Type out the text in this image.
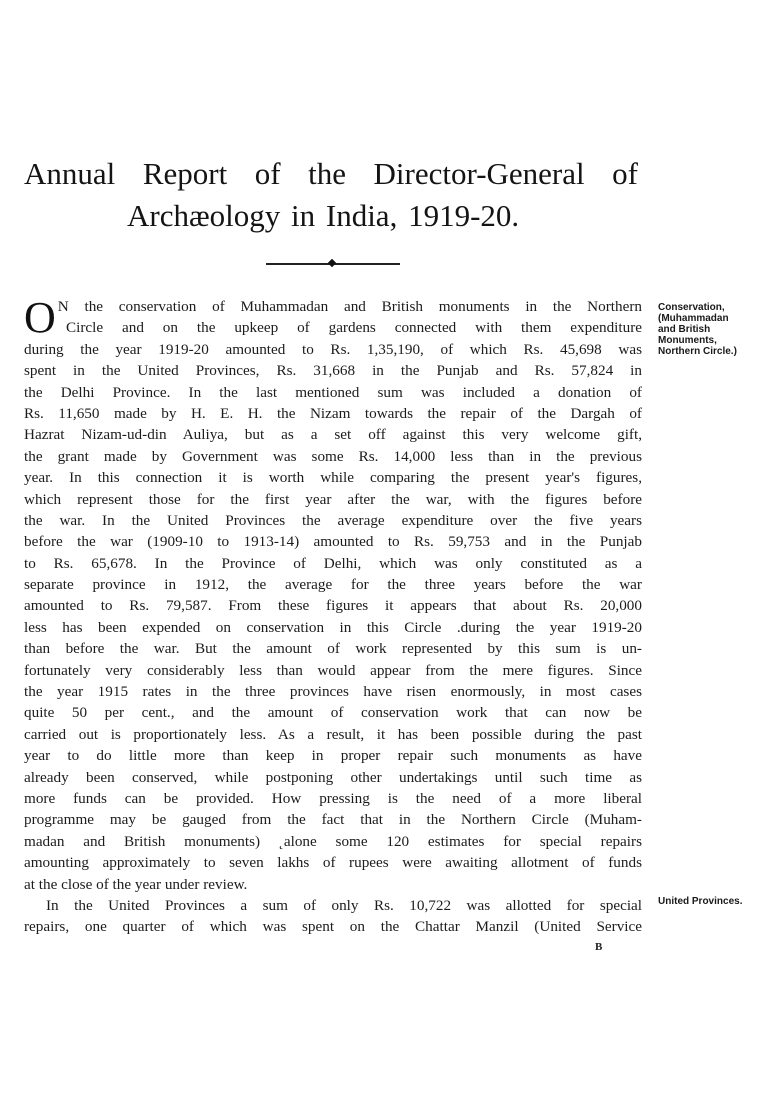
Annual Report of the Director-General of
Archæology in India, 1919-20.
O N the conservation of Muhammadan and British monuments in the Northern
Circle and on the upkeep of gardens connected with them expenditure
during the year 1919-20 amounted to Rs. 1,35,190, of which Rs. 45,698 was
spent in the United Provinces, Rs. 31,668 in the Punjab and Rs. 57,824 in
the Delhi Province. In the last mentioned sum was included a donation of
Rs. 11,650 made by H. E. H. the Nizam towards the repair of the Dargah of
Hazrat Nizam-ud-din Auliya, but as a set off against this very welcome gift,
the grant made by Government was some Rs. 14,000 less than in the previous
year. In this connection it is worth while comparing the present year's figures,
which represent those for the first year after the war, with the figures before
the war. In the United Provinces the average expenditure over the five years
before the war (1909-10 to 1913-14) amounted to Rs. 59,753 and in the Punjab
to Rs. 65,678. In the Province of Delhi, which was only constituted as a
separate province in 1912, the average for the three years before the war
amounted to Rs. 79,587. From these figures it appears that about Rs. 20,000
less has been expended on conservation in this Circle .during the year 1919-20
than before the war. But the amount of work represented by this sum is un-
fortunately very considerably less than would appear from the mere figures. Since
the year 1915 rates in the three provinces have risen enormously, in most cases
quite 50 per cent., and the amount of conservation work that can now be
carried out is proportionately less. As a result, it has been possible during the past
year to do little more than keep in proper repair such monuments as have
already been conserved, while postponing other undertakings until such time as
more funds can be provided. How pressing is the need of a more liberal
programme may be gauged from the fact that in the Northern Circle (Muham-
madan and British monuments) ˛alone some 120 estimates for special repairs
amounting approximately to seven lakhs of rupees were awaiting allotment of funds
at the close of the year under review.
In the United Provinces a sum of only Rs. 10,722 was allotted for special
repairs, one quarter of which was spent on the Chattar Manzil (United Service
Conservation,
(Muhammadan
and British
Monuments,
Northern Circle.)
United Provinces.
B
